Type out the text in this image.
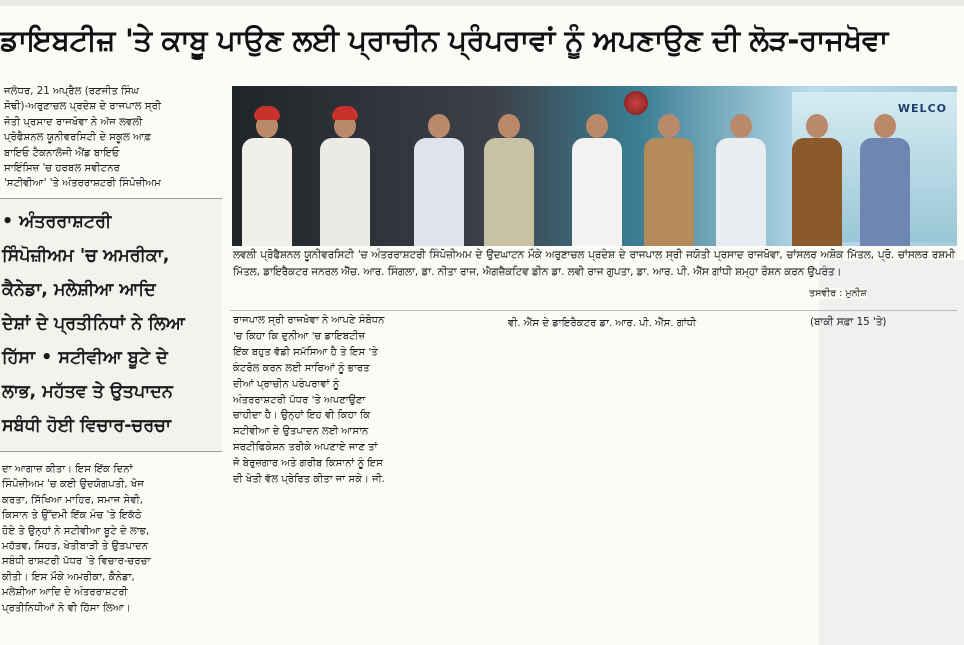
ਡਾਇਬਟੀਜ਼ 'ਤੇ ਕਾਬੂ ਪਾਉਣ ਲਈ ਪ੍ਰਾਚੀਨ ਪ੍ਰੰਪਰਾਵਾਂ ਨੂੰ ਅਪਣਾਉਣ ਦੀ ਲੋੜ-ਰਾਜਖੋਵਾ

ਜਲੰਧਰ, 21 ਅਪ੍ਰੈਲ (ਰਣਜੀਤ ਸਿੰਘ
ਸੋਢੀ)-ਅਰੁਣਾਚਲ ਪ੍ਰਦੇਸ਼ ਦੇ ਰਾਜਪਾਲ ਸ੍ਰੀ
ਜੋਤੀ ਪ੍ਰਸਾਦ ਰਾਜਖੋਵਾ ਨੇ ਅੱਜ ਲਵਲੀ
ਪ੍ਰੋਫੈਸ਼ਨਲ ਯੂਨੀਵਰਸਿਟੀ ਦੇ ਸਕੂਲ ਆਫ਼
ਬਾਇਓ ਟੈਕਨਾਲੋਜੀ ਐਂਡ ਬਾਇਓ
ਸਾਇੰਸਿਜ਼ 'ਚ ਹਰਬਲ ਸਵੀਟਨਰ
'ਸਟੀਵੀਆ' 'ਤੇ ਅੰਤਰਰਾਸ਼ਟਰੀ ਸਿੰਪੋਜ਼ੀਅਮ

• ਅੰਤਰਰਾਸ਼ਟਰੀ
ਸਿੰਪੋਜ਼ੀਅਮ 'ਚ ਅਮਰੀਕਾ,
ਕੈਨੇਡਾ, ਮਲੇਸ਼ੀਆ ਆਦਿ
ਦੇਸ਼ਾਂ ਦੇ ਪ੍ਰਤੀਨਿਧਾਂ ਨੇ ਲਿਆ
ਹਿੱਸਾ • ਸਟੀਵੀਆ ਬੂਟੇ ਦੇ
ਲਾਭ, ਮਹੱਤਵ ਤੇ ਉਤਪਾਦਨ
ਸਬੰਧੀ ਹੋਈ ਵਿਚਾਰ-ਚਰਚਾ

ਦਾ ਆਗਾਜ਼ ਕੀਤਾ। ਇਸ ਇੱਕ ਦਿਨਾਂ
ਸਿੰਪੋਜ਼ੀਅਮ 'ਚ ਕਈ ਉਦਯੋਗਪਤੀ, ਖੋਜ
ਕਰਤਾ, ਸਿੱਖਿਆ ਮਾਹਿਰ, ਸਮਾਜ ਸੇਵੀ,
ਕਿਸਾਨ ਤੇ ਉੱਦਮੀ ਇੱਕ ਮੰਚ 'ਤੇ ਇਕੱਠੇ
ਹੋਏ ਤੇ ਉਨ੍ਹਾਂ ਨੇ ਸਟੀਵੀਆ ਬੂਟੇ ਦੇ ਲਾਭ,
ਮਹੱਤਵ, ਸਿਹਤ, ਖੇਤੀਬਾੜੀ ਤੇ ਉਤਪਾਦਨ
ਸਬੰਧੀ ਰਾਸ਼ਟਰੀ ਪੱਧਰ 'ਤੇ ਵਿਚਾਰ-ਚਰਚਾ
ਕੀਤੀ। ਇਸ ਮੌਕੇ ਅਮਰੀਕਾ, ਕੈਨੇਡਾ,
ਮਲੇਸ਼ੀਆ ਆਦਿ ਦੇ ਅੰਤਰਰਾਸ਼ਟਰੀ
ਪ੍ਰਤੀਨਿਧੀਆਂ ਨੇ ਵੀ ਹਿੱਸਾ ਲਿਆ।
WELCO

ਲਵਲੀ ਪ੍ਰੋਫੈਸ਼ਨਲ ਯੂਨੀਵਰਸਿਟੀ 'ਚ ਅੰਤਰਰਾਸ਼ਟਰੀ ਸਿੰਪੋਜ਼ੀਅਮ ਦੇ ਉਦਘਾਟਨ ਮੌਕੇ ਅਰੁਣਾਚਲ ਪ੍ਰਦੇਸ਼ ਦੇ ਰਾਜਪਾਲ ਸ੍ਰੀ ਜਯੋਤੀ ਪ੍ਰਸਾਦ ਰਾਜਖੋਵਾ, ਚਾਂਸਲਰ ਅਸ਼ੋਕ ਮਿੱਤਲ, ਪ੍ਰੋ. ਚਾਂਸਲਰ ਰਸ਼ਮੀ ਮਿੱਤਲ, ਡਾਇਰੈਕਟਰ ਜਨਰਲ ਐੱਚ. ਆਰ. ਸਿੰਗਲਾ, ਡਾ. ਨੀਤਾ ਰਾਜ, ਐਗਜ਼ੈਕਟਿਵ ਡੀਨ ਡਾ. ਲਵੀ ਰਾਜ ਗੁਪਤਾ, ਡਾ. ਆਰ. ਪੀ. ਐੱਸ ਗਾਂਧੀ ਸ਼ਮ੍ਹਾ ਰੌਸ਼ਨ ਕਰਨ ਉਪਰੰਤ।

ਤਸਵੀਰ : ਮੁਨੀਸ਼

ਰਾਜਪਾਲ ਸ੍ਰੀ ਰਾਜਖੋਵਾ ਨੇ ਆਪਣੇ ਸੰਬੋਧਨ
'ਚ ਕਿਹਾ ਕਿ ਦੁਨੀਆ 'ਚ ਡਾਇਬਟੀਜ਼
ਇੱਕ ਬਹੁਤ ਵੱਡੀ ਸਮੱਸਿਆ ਹੈ ਤੇ ਇਸ 'ਤੇ
ਕੰਟਰੋਲ ਕਰਨ ਲਈ ਸਾਰਿਆਂ ਨੂੰ ਭਾਰਤ
ਦੀਆਂ ਪ੍ਰਾਚੀਨ ਪਰੰਪਰਾਵਾਂ ਨੂੰ
ਅੰਤਰਰਾਸ਼ਟਰੀ ਪੱਧਰ 'ਤੇ ਅਪਣਾਉਣਾ
ਚਾਹੀਦਾ ਹੈ। ਉਨ੍ਹਾਂ ਇਹ ਵੀ ਕਿਹਾ ਕਿ
ਸਟੀਵੀਆ ਦੇ ਉਤਪਾਦਨ ਲਈ ਆਸਾਨ
ਸਰਟੀਫਿਕੇਸ਼ਨ ਤਰੀਕੇ ਅਪਣਾਏ ਜਾਣ ਤਾਂ
ਜੋ ਬੇਰੁਜ਼ਗਾਰ ਅਤੇ ਗਰੀਬ ਕਿਸਾਨਾਂ ਨੂੰ ਇਸ
ਦੀ ਖੇਤੀ ਵੱਲ ਪ੍ਰੇਰਿਤ ਕੀਤਾ ਜਾ ਸਕੇ। ਜੀ.

ਵੀ. ਐੱਸ ਦੇ ਡਾਇਰੈਕਟਰ ਡਾ. ਆਰ. ਪੀ. ਐੱਸ. ਗਾਂਧੀ	(ਬਾਕੀ ਸਫ਼ਾ 15 'ਤੇ)
